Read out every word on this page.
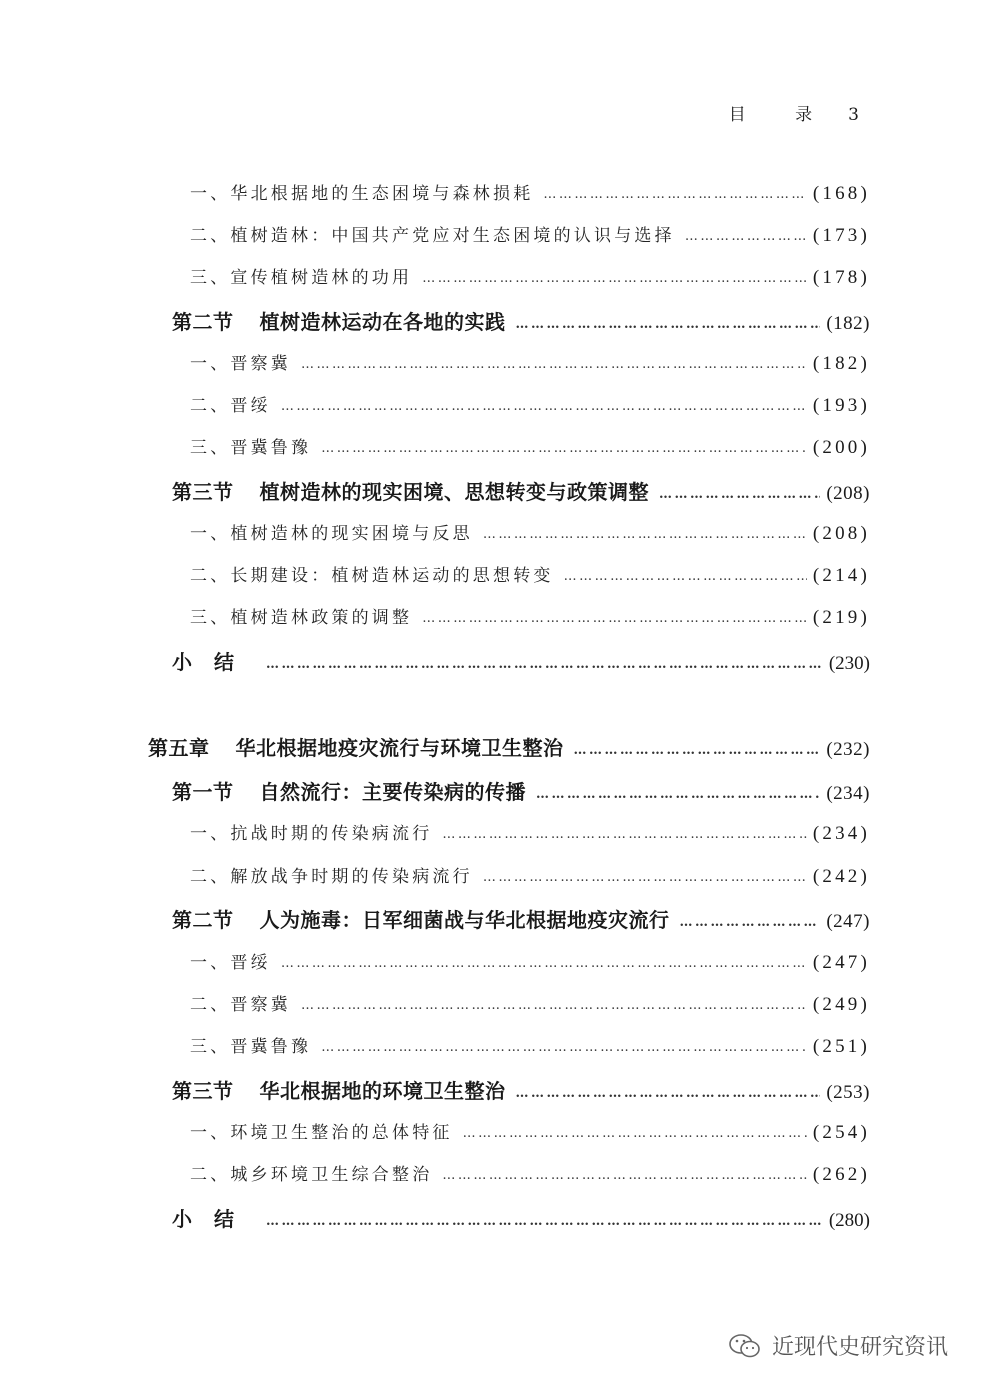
目 录 3
一、华北根据地的生态困境与森林损耗 ………………………………………………………………………………………………………………………………………………………………………………………………	(168)
二、植树造林：中国共产党应对生态困境的认识与选择 ………………………………………………………………………………………………………………………………………………………………………………………………	(173)
三、宣传植树造林的功用 ………………………………………………………………………………………………………………………………………………………………………………………………	(178)
第二节 植树造林运动在各地的实践 ………………………………………………………………………………………………………………………………………………………………………………………………	(182)
一、晋察冀 ………………………………………………………………………………………………………………………………………………………………………………………………	(182)
二、晋绥 ………………………………………………………………………………………………………………………………………………………………………………………………	(193)
三、晋冀鲁豫 ………………………………………………………………………………………………………………………………………………………………………………………………	(200)
第三节 植树造林的现实困境、思想转变与政策调整 ………………………………………………………………………………………………………………………………………………………………………………………………	(208)
一、植树造林的现实困境与反思 ………………………………………………………………………………………………………………………………………………………………………………………………	(208)
二、长期建设：植树造林运动的思想转变 ………………………………………………………………………………………………………………………………………………………………………………………………	(214)
三、植树造林政策的调整 ………………………………………………………………………………………………………………………………………………………………………………………………	(219)
小结 ………………………………………………………………………………………………………………………………………………………………………………………………	(230)
第五章 华北根据地疫灾流行与环境卫生整治 ………………………………………………………………………………………………………………………………………………………………………………………………	(232)
第一节 自然流行：主要传染病的传播 ………………………………………………………………………………………………………………………………………………………………………………………………	(234)
一、抗战时期的传染病流行 ………………………………………………………………………………………………………………………………………………………………………………………………	(234)
二、解放战争时期的传染病流行 ………………………………………………………………………………………………………………………………………………………………………………………………	(242)
第二节 人为施毒：日军细菌战与华北根据地疫灾流行 ………………………………………………………………………………………………………………………………………………………………………………………………	(247)
一、晋绥 ………………………………………………………………………………………………………………………………………………………………………………………………	(247)
二、晋察冀 ………………………………………………………………………………………………………………………………………………………………………………………………	(249)
三、晋冀鲁豫 ………………………………………………………………………………………………………………………………………………………………………………………………	(251)
第三节 华北根据地的环境卫生整治 ………………………………………………………………………………………………………………………………………………………………………………………………	(253)
一、环境卫生整治的总体特征 ………………………………………………………………………………………………………………………………………………………………………………………………	(254)
二、城乡环境卫生综合整治 ………………………………………………………………………………………………………………………………………………………………………………………………	(262)
小结 ………………………………………………………………………………………………………………………………………………………………………………………………	(280)
近现代史研究资讯
